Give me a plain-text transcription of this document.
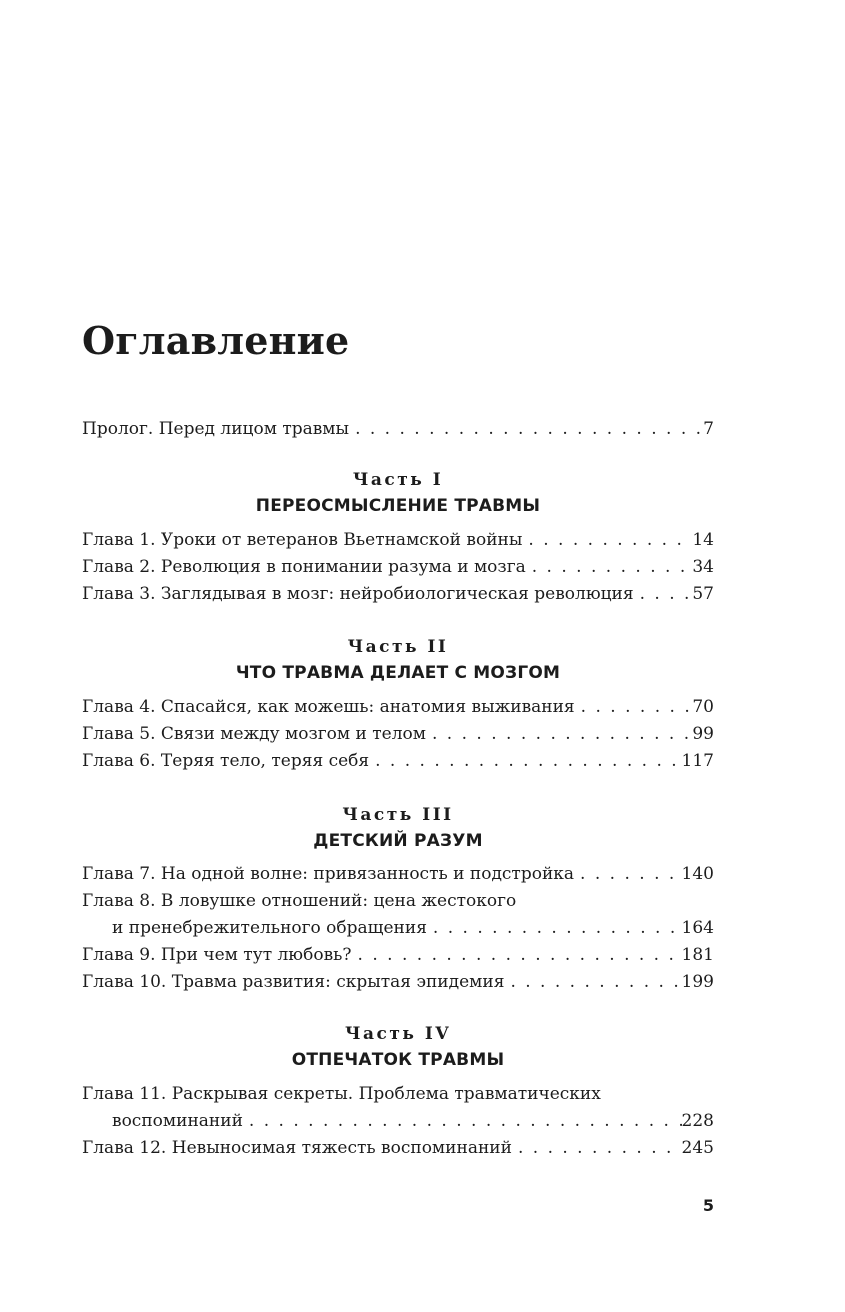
Оглавление
Пролог. Перед лицом травмы . . .	7
Часть I
ПЕРЕОСМЫСЛЕНИЕ ТРАВМЫ
Глава 1. Уроки от ветеранов Вьетнамской войны . . .	14
Глава 2. Революция в понимании разума и мозга . . .	34
Глава 3. Заглядывая в мозг: нейробиологическая революция . . .	57
Часть II
ЧТО ТРАВМА ДЕЛАЕТ С МОЗГОМ
Глава 4. Спасайся, как можешь: анатомия выживания . . .	70
Глава 5. Связи между мозгом и телом . . .	99
Глава 6. Теряя тело, теряя себя . . .	117
Часть III
ДЕТСКИЙ РАЗУМ
Глава 7. На одной волне: привязанность и подстройка . . .	140
Глава 8. В ловушке отношений: цена жестокого
и пренебрежительного обращения . . .	164
Глава 9. При чем тут любовь? . . .	181
Глава 10. Травма развития: скрытая эпидемия . . .	199
Часть IV
ОТПЕЧАТОК ТРАВМЫ
Глава 11. Раскрывая секреты. Проблема травматических
воспоминаний . . .	228
Глава 12. Невыносимая тяжесть воспоминаний . . .	245
5
